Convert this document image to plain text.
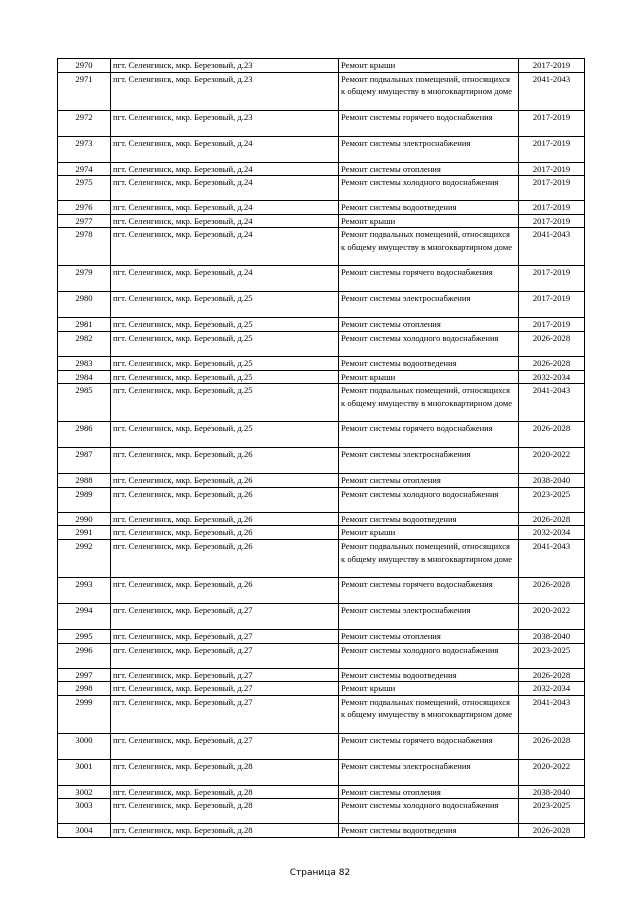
2970	пгт. Селенгинск, мкр. Березовый, д.23	Ремонт крыши	2017-2019
2971	пгт. Селенгинск, мкр. Березовый, д.23	Ремонт подвальных помещений, относящихся к общему имуществу в многоквартирном доме	2041-2043
2972	пгт. Селенгинск, мкр. Березовый, д.23	Ремонт системы горячего водоснабжения	2017-2019
2973	пгт. Селенгинск, мкр. Березовый, д.24	Ремонт системы электроснабжения	2017-2019
2974	пгт. Селенгинск, мкр. Березовый, д.24	Ремонт системы отопления	2017-2019
2975	пгт. Селенгинск, мкр. Березовый, д.24	Ремонт системы холодного водоснабжения	2017-2019
2976	пгт. Селенгинск, мкр. Березовый, д.24	Ремонт системы водоотведения	2017-2019
2977	пгт. Селенгинск, мкр. Березовый, д.24	Ремонт крыши	2017-2019
2978	пгт. Селенгинск, мкр. Березовый, д.24	Ремонт подвальных помещений, относящихся к общему имуществу в многоквартирном доме	2041-2043
2979	пгт. Селенгинск, мкр. Березовый, д.24	Ремонт системы горячего водоснабжения	2017-2019
2980	пгт. Селенгинск, мкр. Березовый, д.25	Ремонт системы электроснабжения	2017-2019
2981	пгт. Селенгинск, мкр. Березовый, д.25	Ремонт системы отопления	2017-2019
2982	пгт. Селенгинск, мкр. Березовый, д.25	Ремонт системы холодного водоснабжения	2026-2028
2983	пгт. Селенгинск, мкр. Березовый, д.25	Ремонт системы водоотведения	2026-2028
2984	пгт. Селенгинск, мкр. Березовый, д.25	Ремонт крыши	2032-2034
2985	пгт. Селенгинск, мкр. Березовый, д.25	Ремонт подвальных помещений, относящихся к общему имуществу в многоквартирном доме	2041-2043
2986	пгт. Селенгинск, мкр. Березовый, д.25	Ремонт системы горячего водоснабжения	2026-2028
2987	пгт. Селенгинск, мкр. Березовый, д.26	Ремонт системы электроснабжения	2020-2022
2988	пгт. Селенгинск, мкр. Березовый, д.26	Ремонт системы отопления	2038-2040
2989	пгт. Селенгинск, мкр. Березовый, д.26	Ремонт системы холодного водоснабжения	2023-2025
2990	пгт. Селенгинск, мкр. Березовый, д.26	Ремонт системы водоотведения	2026-2028
2991	пгт. Селенгинск, мкр. Березовый, д.26	Ремонт крыши	2032-2034
2992	пгт. Селенгинск, мкр. Березовый, д.26	Ремонт подвальных помещений, относящихся к общему имуществу в многоквартирном доме	2041-2043
2993	пгт. Селенгинск, мкр. Березовый, д.26	Ремонт системы горячего водоснабжения	2026-2028
2994	пгт. Селенгинск, мкр. Березовый, д.27	Ремонт системы электроснабжения	2020-2022
2995	пгт. Селенгинск, мкр. Березовый, д.27	Ремонт системы отопления	2038-2040
2996	пгт. Селенгинск, мкр. Березовый, д.27	Ремонт системы холодного водоснабжения	2023-2025
2997	пгт. Селенгинск, мкр. Березовый, д.27	Ремонт системы водоотведения	2026-2028
2998	пгт. Селенгинск, мкр. Березовый, д.27	Ремонт крыши	2032-2034
2999	пгт. Селенгинск, мкр. Березовый, д.27	Ремонт подвальных помещений, относящихся к общему имуществу в многоквартирном доме	2041-2043
3000	пгт. Селенгинск, мкр. Березовый, д.27	Ремонт системы горячего водоснабжения	2026-2028
3001	пгт. Селенгинск, мкр. Березовый, д.28	Ремонт системы электроснабжения	2020-2022
3002	пгт. Селенгинск, мкр. Березовый, д.28	Ремонт системы отопления	2038-2040
3003	пгт. Селенгинск, мкр. Березовый, д.28	Ремонт системы холодного водоснабжения	2023-2025
3004	пгт. Селенгинск, мкр. Березовый, д.28	Ремонт системы водоотведения	2026-2028
Страница 82
